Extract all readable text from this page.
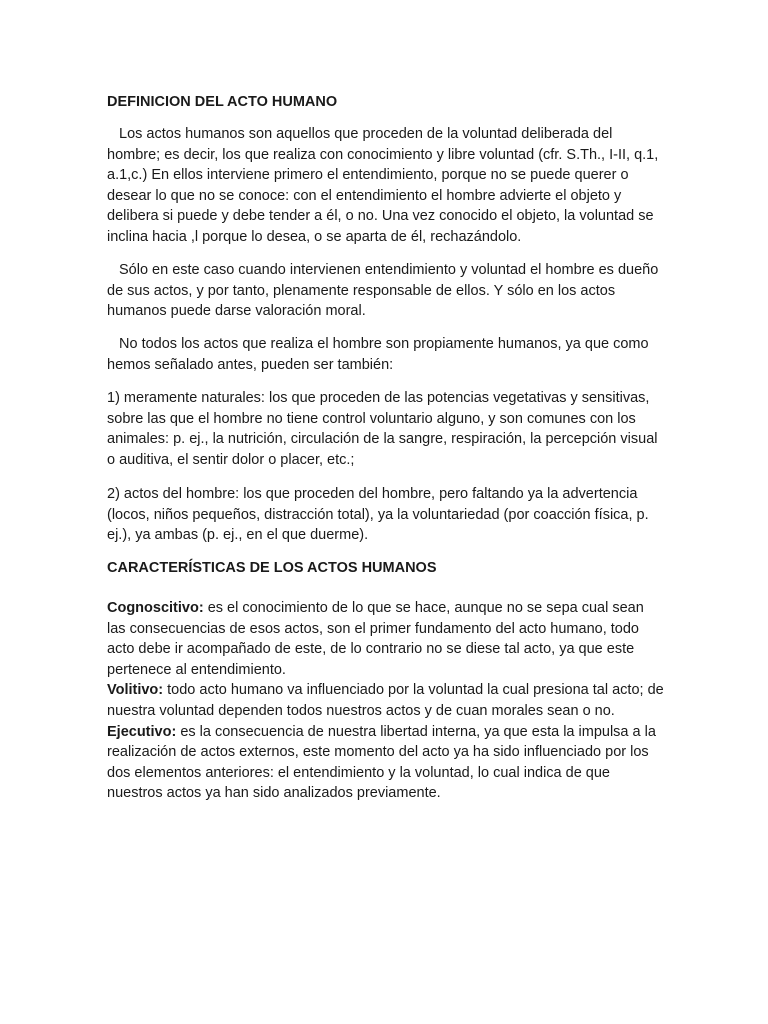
DEFINICION DEL ACTO HUMANO

Los actos humanos son aquellos que proceden de la voluntad deliberada del hombre; es decir, los que realiza con conocimiento y libre voluntad (cfr. S.Th., I-II, q.1, a.1,c.) En ellos interviene primero el entendimiento, porque no se puede querer o desear lo que no se conoce: con el entendimiento el hombre advierte el objeto y delibera si puede y debe tender a él, o no. Una vez conocido el objeto, la voluntad se inclina hacia ,l porque lo desea, o se aparta de él, rechazándolo.

Sólo en este caso cuando intervienen entendimiento y voluntad el hombre es dueño de sus actos, y por tanto, plenamente responsable de ellos. Y sólo en los actos humanos puede darse valoración moral.

No todos los actos que realiza el hombre son propiamente humanos, ya que como hemos señalado antes, pueden ser también:

1) meramente naturales: los que proceden de las potencias vegetativas y sensitivas, sobre las que el hombre no tiene control voluntario alguno, y son comunes con los animales: p. ej., la nutrición, circulación de la sangre, respiración, la percepción visual o auditiva, el sentir dolor o placer, etc.;

2) actos del hombre: los que proceden del hombre, pero faltando ya la advertencia (locos, niños pequeños, distracción total), ya la voluntariedad (por coacción física, p. ej.), ya ambas (p. ej., en el que duerme).

CARACTERÍSTICAS DE LOS ACTOS HUMANOS
Cognoscitivo: es el conocimiento de lo que se hace, aunque no se sepa cual sean las consecuencias de esos actos, son el primer fundamento del acto humano, todo acto debe ir acompañado de este, de lo contrario no se diese tal acto, ya que este pertenece al entendimiento.
Volitivo: todo acto humano va influenciado por la voluntad la cual presiona tal acto; de nuestra voluntad dependen todos nuestros actos y de cuan morales sean o no.
Ejecutivo: es la consecuencia de nuestra libertad interna, ya que esta la impulsa a la realización de actos externos, este momento del acto ya ha sido influenciado por los dos elementos anteriores: el entendimiento y la voluntad, lo cual indica de que nuestros actos ya han sido analizados previamente.
